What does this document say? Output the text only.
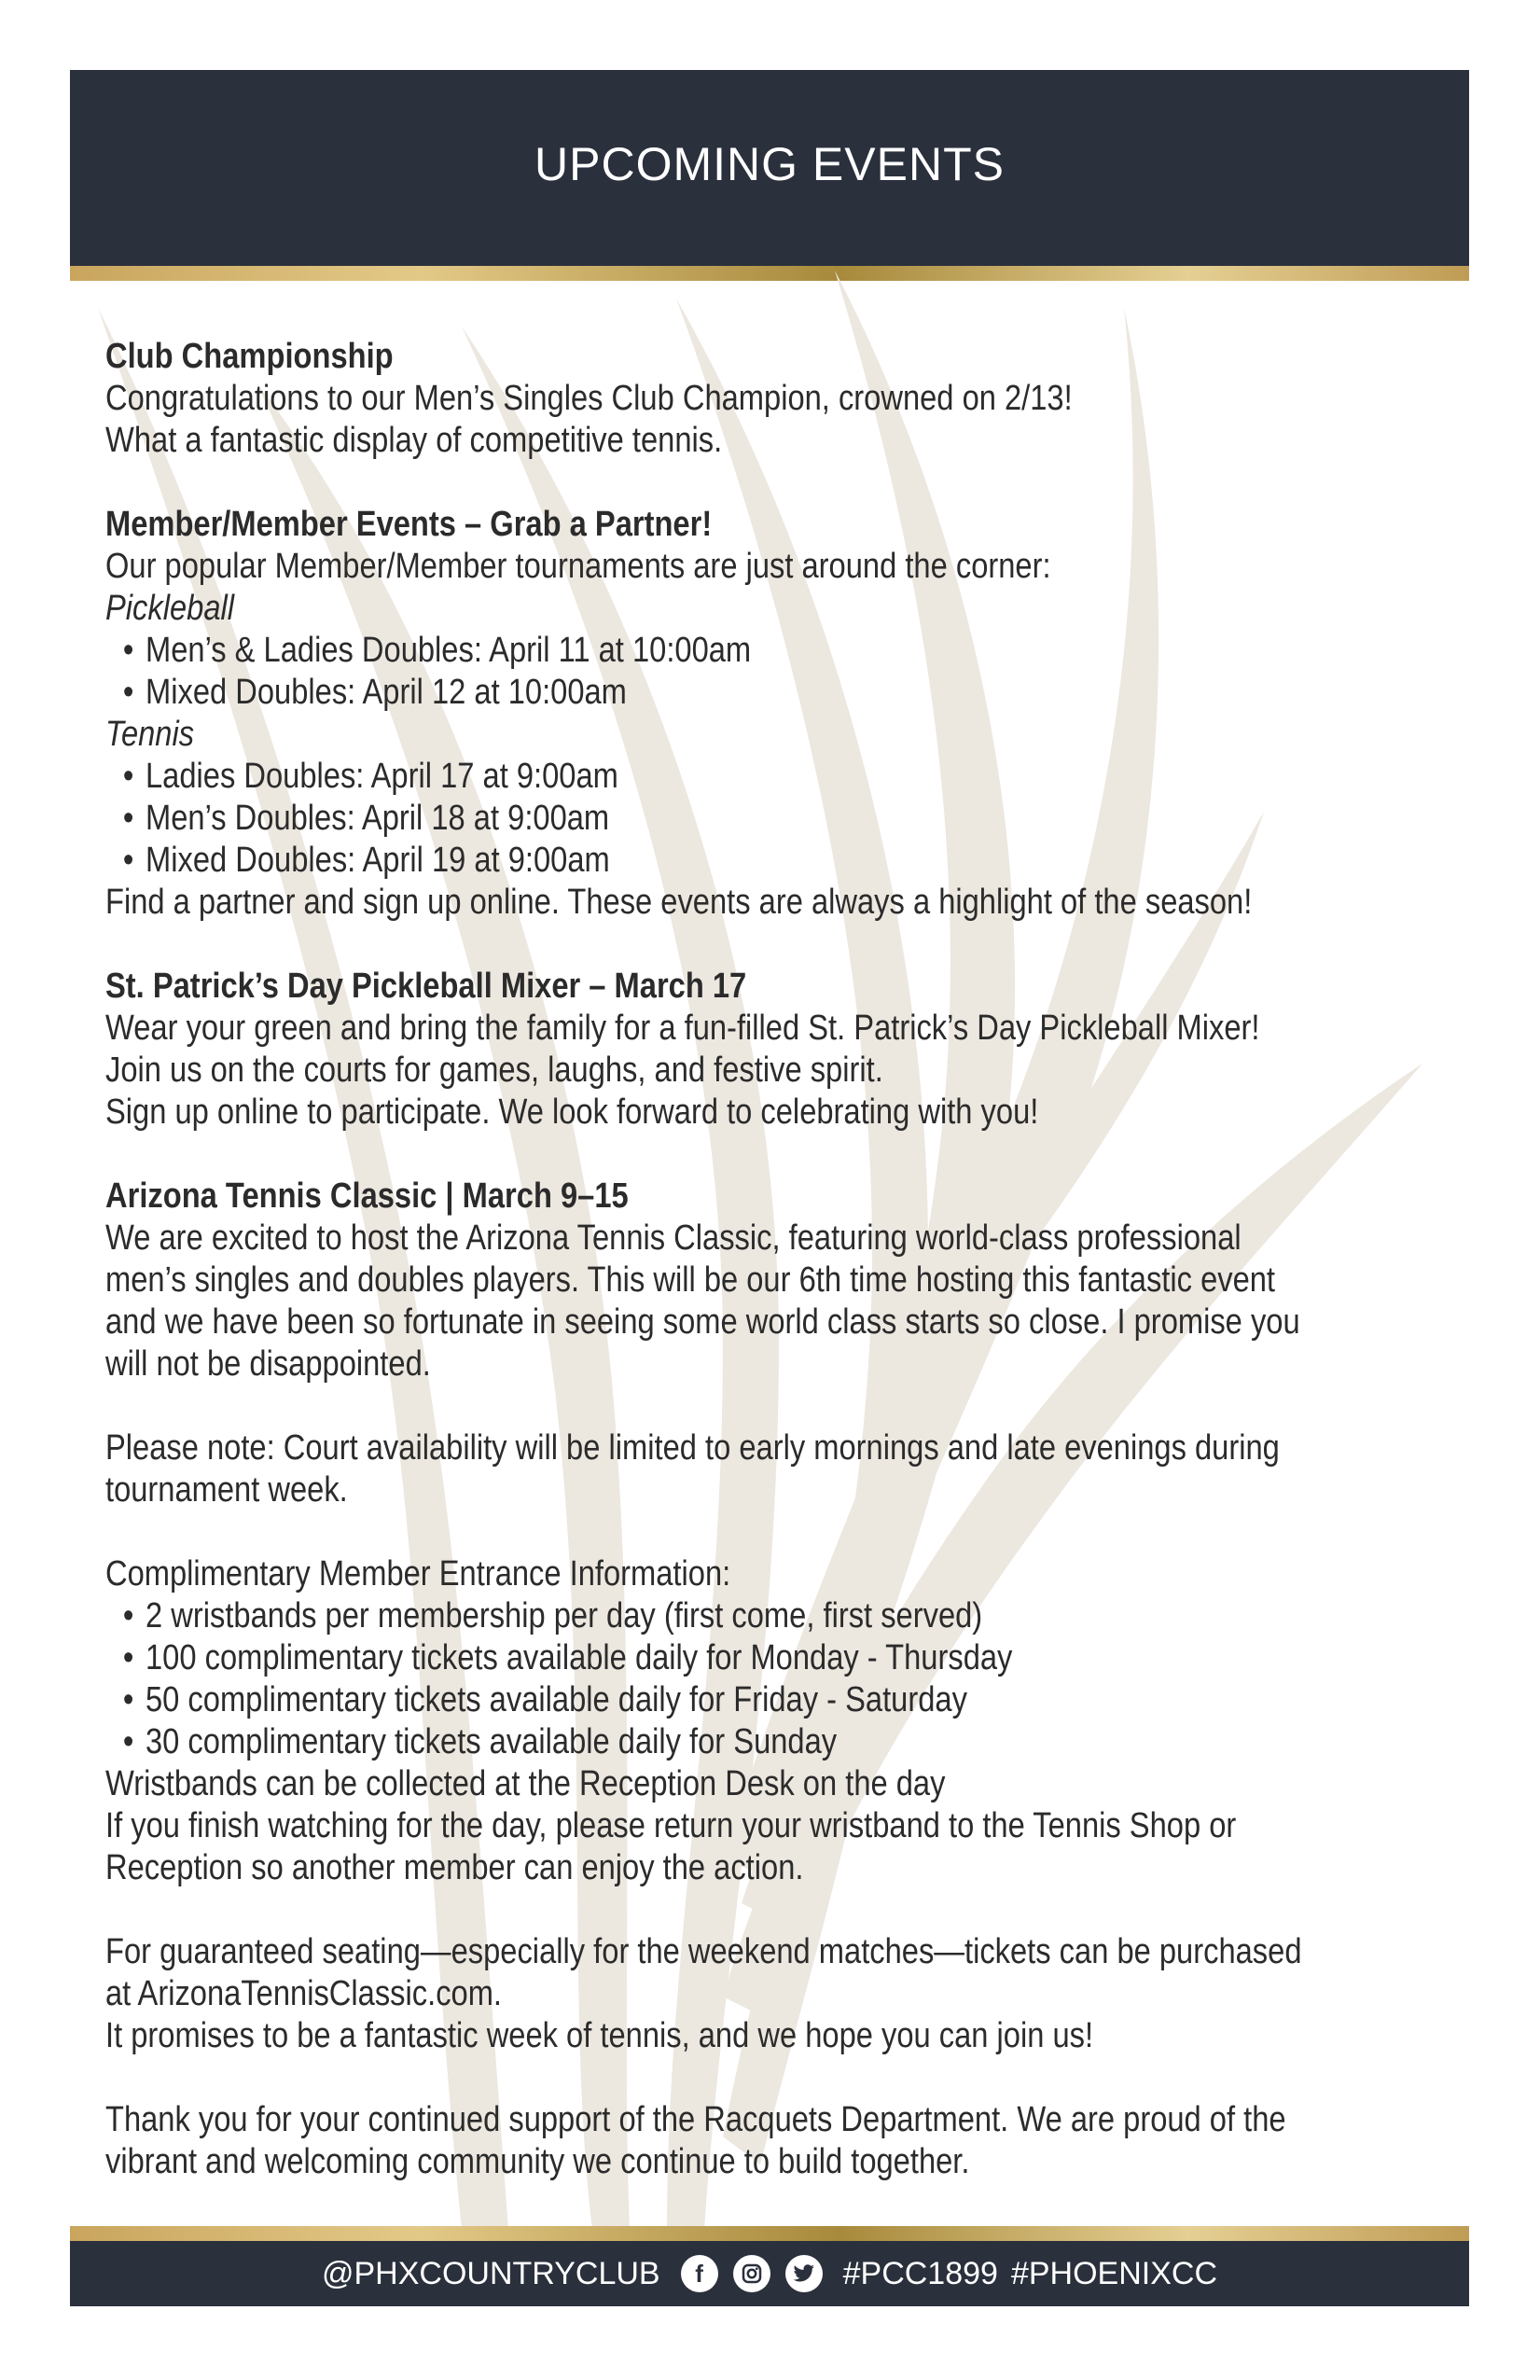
UPCOMING EVENTS

Club Championship

Congratulations to our Men’s Singles Club Champion, crowned on 2/13!

What a fantastic display of competitive tennis.

Member/Member Events – Grab a Partner!

Our popular Member/Member tournaments are just around the corner:

Pickleball

• Men’s & Ladies Doubles: April 11 at 10:00am

• Mixed Doubles: April 12 at 10:00am

Tennis

• Ladies Doubles: April 17 at 9:00am

• Men’s Doubles: April 18 at 9:00am

• Mixed Doubles: April 19 at 9:00am

Find a partner and sign up online. These events are always a highlight of the season!

St. Patrick’s Day Pickleball Mixer – March 17

Wear your green and bring the family for a fun-filled St. Patrick’s Day Pickleball Mixer!

Join us on the courts for games, laughs, and festive spirit.

Sign up online to participate. We look forward to celebrating with you!

Arizona Tennis Classic | March 9–15

We are excited to host the Arizona Tennis Classic, featuring world-class professional

men’s singles and doubles players. This will be our 6th time hosting this fantastic event

and we have been so fortunate in seeing some world class starts so close. I promise you

will not be disappointed.

Please note: Court availability will be limited to early mornings and late evenings during

tournament week.

Complimentary Member Entrance Information:

• 2 wristbands per membership per day (first come, first served)

• 100 complimentary tickets available daily for Monday - Thursday

• 50 complimentary tickets available daily for Friday - Saturday

• 30 complimentary tickets available daily for Sunday

Wristbands can be collected at the Reception Desk on the day

If you finish watching for the day, please return your wristband to the Tennis Shop or

Reception so another member can enjoy the action.

For guaranteed seating—especially for the weekend matches—tickets can be purchased

at ArizonaTennisClassic.com.

It promises to be a fantastic week of tennis, and we hope you can join us!

Thank you for your continued support of the Racquets Department. We are proud of the

vibrant and welcoming community we continue to build together.

@PHXCOUNTRYCLUB	f	#PCC1899 #PHOENIXCC
